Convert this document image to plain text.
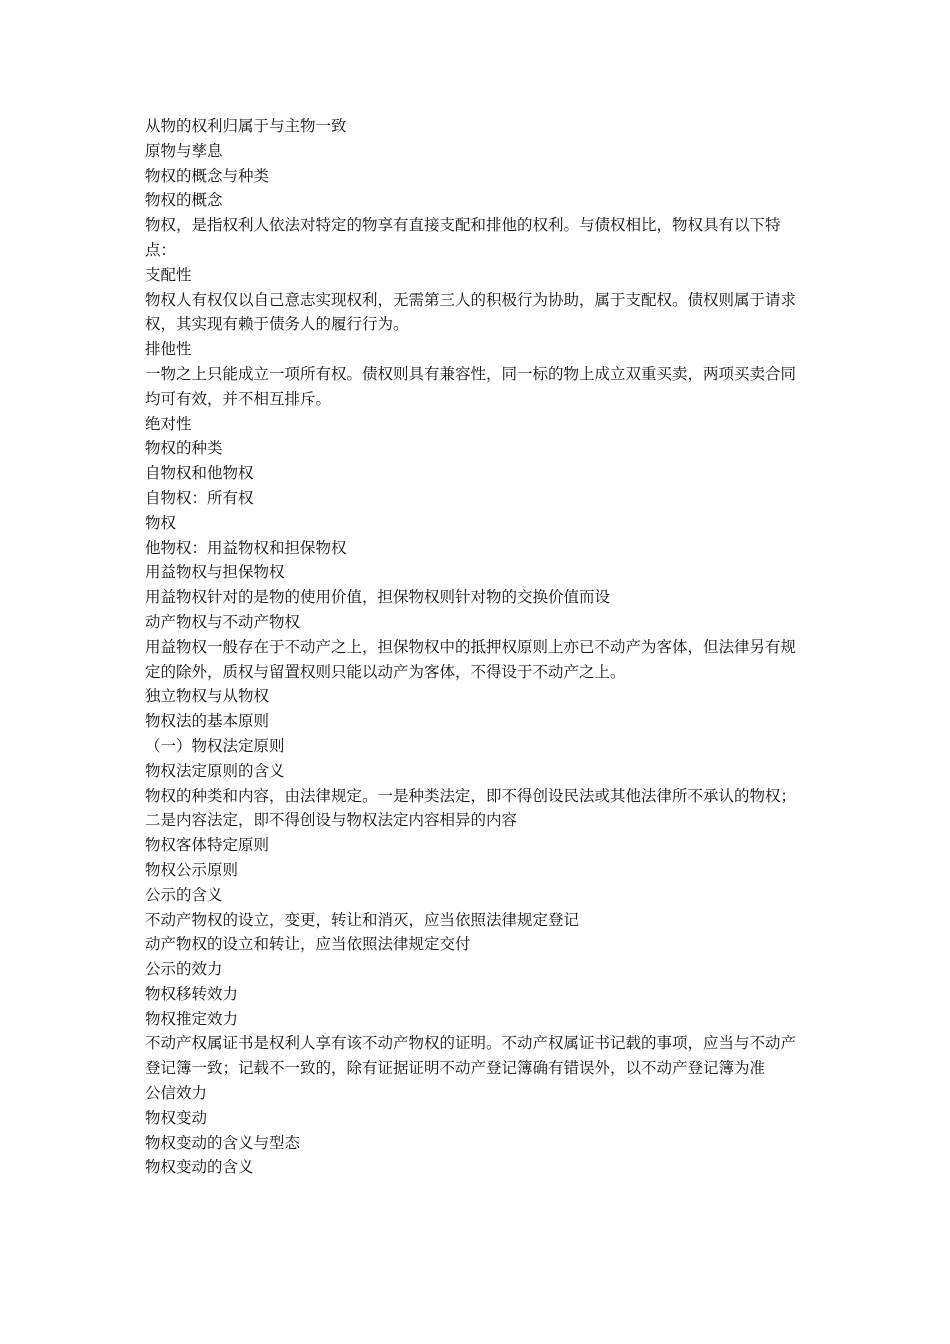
从物的权利归属于与主物一致

原物与孳息

物权的概念与种类

物权的概念

物权，是指权利人依法对特定的物享有直接支配和排他的权利。与债权相比，物权具有以下特点：

支配性

物权人有权仅以自己意志实现权利，无需第三人的积极行为协助，属于支配权。债权则属于请求权，其实现有赖于债务人的履行行为。

排他性

一物之上只能成立一项所有权。债权则具有兼容性，同一标的物上成立双重买卖，两项买卖合同均可有效，并不相互排斥。

绝对性

物权的种类

自物权和他物权

自物权：所有权

物权

他物权：用益物权和担保物权

用益物权与担保物权

用益物权针对的是物的使用价值，担保物权则针对物的交换价值而设

动产物权与不动产物权

用益物权一般存在于不动产之上，担保物权中的抵押权原则上亦已不动产为客体，但法律另有规定的除外，质权与留置权则只能以动产为客体，不得设于不动产之上。

独立物权与从物权

物权法的基本原则

（一）物权法定原则

物权法定原则的含义

物权的种类和内容，由法律规定。一是种类法定，即不得创设民法或其他法律所不承认的物权；二是内容法定，即不得创设与物权法定内容相异的内容

物权客体特定原则

物权公示原则

公示的含义

不动产物权的设立，变更，转让和消灭，应当依照法律规定登记

动产物权的设立和转让，应当依照法律规定交付

公示的效力

物权移转效力

物权推定效力

不动产权属证书是权利人享有该不动产物权的证明。不动产权属证书记载的事项，应当与不动产登记簿一致；记载不一致的，除有证据证明不动产登记簿确有错误外，以不动产登记簿为准

公信效力

物权变动

物权变动的含义与型态

物权变动的含义
